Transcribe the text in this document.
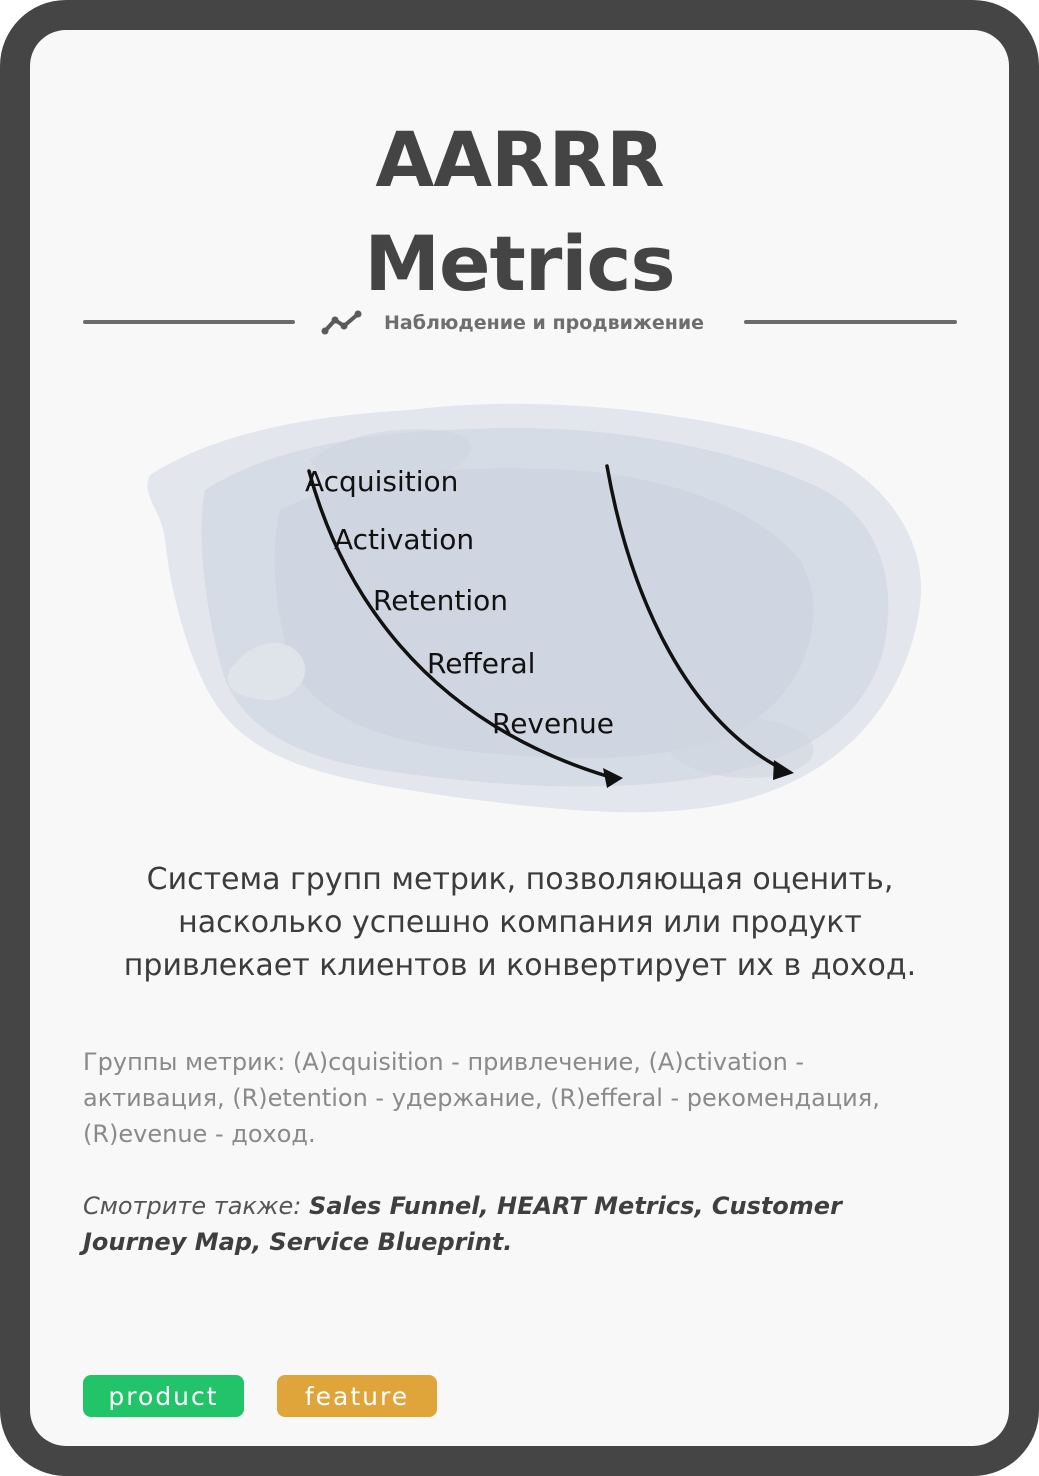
AARRR
Metrics
Наблюдение и продвижение
Acquisition
Activation
Retention
Refferal
Revenue
Система групп метрик, позволяющая оценить, насколько успешно компания или продукт привлекает клиентов и конвертирует их в доход.
Группы метрик: (A)cquisition - привлечение, (A)ctivation - активация, (R)etention - удержание, (R)efferal - рекомендация, (R)evenue - доход.
Смотрите также: Sales Funnel, HEART Metrics, Customer Journey Map, Service Blueprint.
product	feature
